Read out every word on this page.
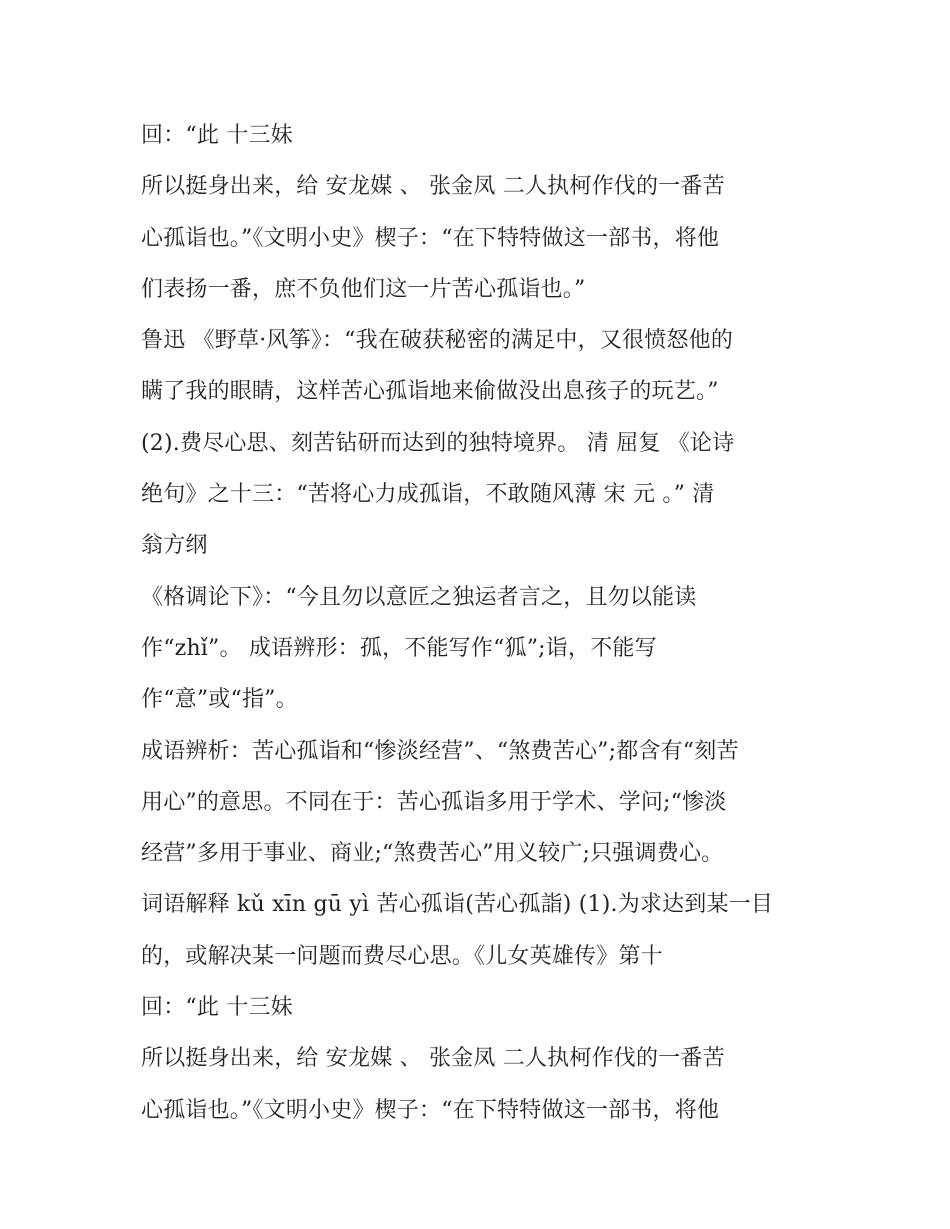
回：“此 十三妹
所以挺身出来，给 安龙媒 、 张金凤 二人执柯作伐的一番苦
心孤诣也。”《文明小史》楔子：“在下特特做这一部书，将他
们表扬一番，庶不负他们这一片苦心孤诣也。”
鲁迅 《野草·风筝》：“我在破获秘密的满足中，又很愤怒他的
瞒了我的眼睛，这样苦心孤诣地来偷做没出息孩子的玩艺。”
(2).费尽心思、刻苦钻研而达到的独特境界。 清 屈复 《论诗
绝句》之十三：“苦将心力成孤诣，不敢随风薄 宋 元 。” 清
翁方纲
《格调论下》：“今且勿以意匠之独运者言之，且勿以能读
作“zhǐ”。 成语辨形：孤，不能写作“狐”;诣，不能写
作“意”或“指”。
成语辨析：苦心孤诣和“惨淡经营”、“煞费苦心”;都含有“刻苦
用心”的意思。不同在于：苦心孤诣多用于学术、学问;“惨淡
经营”多用于事业、商业;“煞费苦心”用义较广;只强调费心。
词语解释 kǔ xīn gū yì 苦心孤诣(苦心孤詣) (1).为求达到某一目
的，或解决某一问题而费尽心思。《儿女英雄传》第十
回：“此 十三妹
所以挺身出来，给 安龙媒 、 张金凤 二人执柯作伐的一番苦
心孤诣也。”《文明小史》楔子：“在下特特做这一部书，将他
